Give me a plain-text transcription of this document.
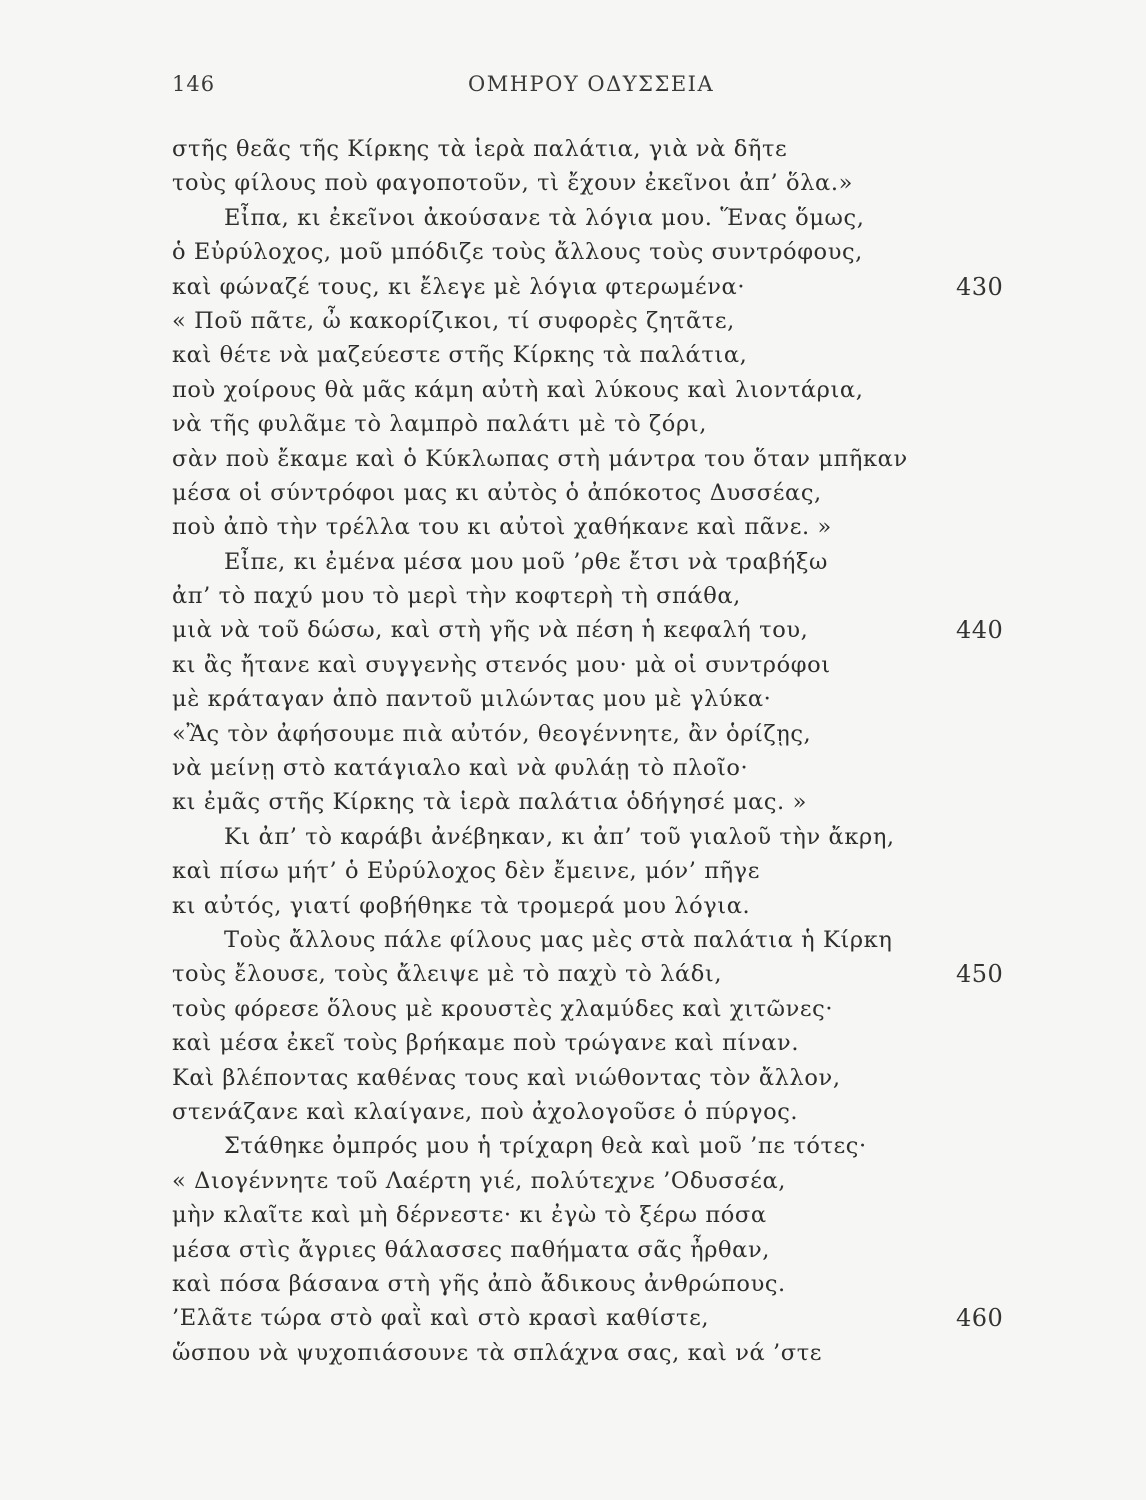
146	ΟΜΗΡΟΥ ΟΔΥΣΣΕΙΑ
στῆς θεᾶς τῆς Κίρκης τὰ ἱερὰ παλάτια, γιὰ νὰ δῆτε
τοὺς φίλους ποὺ φαγοποτοῦν, τὶ ἔχουν ἐκεῖνοι ἀπ’ ὅλα.»
Εἶπα, κι ἐκεῖνοι ἀκούσανε τὰ λόγια μου. Ἕνας ὅμως,
ὁ Εὐρύλοχος, μοῦ μπόδιζε τοὺς ἄλλους τοὺς συντρόφους,
καὶ φώναζέ τους, κι ἔλεγε μὲ λόγια φτερωμένα·	430
« Ποῦ πᾶτε, ὦ κακορίζικοι, τί συφορὲς ζητᾶτε,
καὶ θέτε νὰ μαζεύεστε στῆς Κίρκης τὰ παλάτια,
ποὺ χοίρους θὰ μᾶς κάμη αὐτὴ καὶ λύκους καὶ λιοντάρια,
νὰ τῆς φυλᾶμε τὸ λαμπρὸ παλάτι μὲ τὸ ζόρι,
σὰν ποὺ ἔκαμε καὶ ὁ Κύκλωπας στὴ μάντρα του ὅταν μπῆκαν
μέσα οἱ σύντρόφοι μας κι αὐτὸς ὁ ἀπόκοτος Δυσσέας,
ποὺ ἀπὸ τὴν τρέλλα του κι αὐτοὶ χαθήκανε καὶ πᾶνε. »
Εἶπε, κι ἐμένα μέσα μου μοῦ ’ρθε ἔτσι νὰ τραβήξω
ἀπ’ τὸ παχύ μου τὸ μερὶ τὴν κοφτερὴ τὴ σπάθα,
μιὰ νὰ τοῦ δώσω, καὶ στὴ γῆς νὰ πέση ἡ κεφαλή του,	440
κι ἂς ἤτανε καὶ συγγενὴς στενός μου· μὰ οἱ συντρόφοι
μὲ κράταγαν ἀπὸ παντοῦ μιλώντας μου μὲ γλύκα·
«Ἂς τὸν ἀφήσουμε πιὰ αὐτόν, θεογέννητε, ἂν ὁρίζῃς,
νὰ μείνῃ στὸ κατάγιαλο καὶ νὰ φυλάῃ τὸ πλοῖο·
κι ἐμᾶς στῆς Κίρκης τὰ ἱερὰ παλάτια ὁδήγησέ μας. »
Κι ἀπ’ τὸ καράβι ἀνέβηκαν, κι ἀπ’ τοῦ γιαλοῦ τὴν ἄκρη,
καὶ πίσω μήτ’ ὁ Εὐρύλοχος δὲν ἔμεινε, μόν’ πῆγε
κι αὐτός, γιατί φοβήθηκε τὰ τρομερά μου λόγια.
Τοὺς ἄλλους πάλε φίλους μας μὲς στὰ παλάτια ἡ Κίρκη
τοὺς ἔλουσε, τοὺς ἄλειψε μὲ τὸ παχὺ τὸ λάδι,	450
τοὺς φόρεσε ὅλους μὲ κρουστὲς χλαμύδες καὶ χιτῶνες·
καὶ μέσα ἐκεῖ τοὺς βρήκαμε ποὺ τρώγανε καὶ πίναν.
Καὶ βλέποντας καθένας τους καὶ νιώθοντας τὸν ἄλλον,
στενάζανε καὶ κλαίγανε, ποὺ ἀχολογοῦσε ὁ πύργος.
Στάθηκε ὀμπρός μου ἡ τρίχαρη θεὰ καὶ μοῦ ’πε τότες·
« Διογέννητε τοῦ Λαέρτη γιέ, πολύτεχνε ’Οδυσσέα,
μὴν κλαῖτε καὶ μὴ δέρνεστε· κι ἐγὼ τὸ ξέρω πόσα
μέσα στὶς ἄγριες θάλασσες παθήματα σᾶς ἦρθαν,
καὶ πόσα βάσανα στὴ γῆς ἀπὸ ἄδικους ἀνθρώπους.
’Ελᾶτε τώρα στὸ φαῒ καὶ στὸ κρασὶ καθίστε,	460
ὥσπου νὰ ψυχοπιάσουνε τὰ σπλάχνα σας, καὶ νά ’στε
